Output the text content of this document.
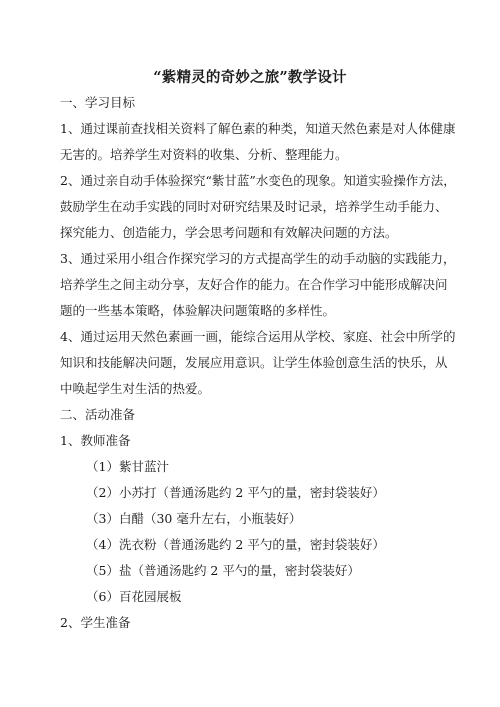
“紫精灵的奇妙之旅”教学设计
一、学习目标
1、通过课前查找相关资料了解色素的种类，知道天然色素是对人体健康
无害的。培养学生对资料的收集、分析、整理能力。
2、通过亲自动手体验探究“紫甘蓝”水变色的现象。知道实验操作方法，
鼓励学生在动手实践的同时对研究结果及时记录，培养学生动手能力、
探究能力、创造能力，学会思考问题和有效解决问题的方法。
3、通过采用小组合作探究学习的方式提高学生的动手动脑的实践能力，
培养学生之间主动分享，友好合作的能力。在合作学习中能形成解决问
题的一些基本策略，体验解决问题策略的多样性。
4、通过运用天然色素画一画，能综合运用从学校、家庭、社会中所学的
知识和技能解决问题，发展应用意识。让学生体验创意生活的快乐，从
中唤起学生对生活的热爱。
二、活动准备
1、教师准备
（1）紫甘蓝汁
（2）小苏打（普通汤匙约 2 平勺的量，密封袋装好）
（3）白醋（30 毫升左右，小瓶装好）
（4）洗衣粉（普通汤匙约 2 平勺的量，密封袋装好）
（5）盐（普通汤匙约 2 平勺的量，密封袋装好）
（6）百花园展板
2、学生准备
